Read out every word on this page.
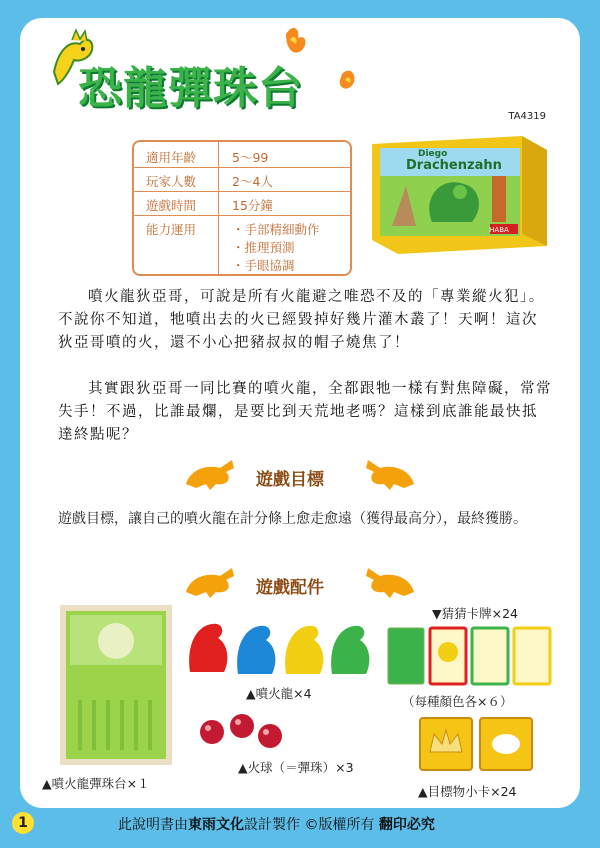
恐龍彈珠台
TA4319
適用年齡	5〜99
玩家人數	2〜4人
遊戲時間	15分鐘
能力運用	・手部精細動作
・推理預測
・手眼協調
HABA
Diego
Drachenzahn

噴火龍狄亞哥，可說是所有火龍避之唯恐不及的「專業縱火犯」。不說你不知道，牠噴出去的火已經毀掉好幾片灌木叢了！天啊！這次狄亞哥噴的火，還不小心把豬叔叔的帽子燒焦了！

其實跟狄亞哥一同比賽的噴火龍，全都跟牠一樣有對焦障礙，常常失手！不過，比誰最爛，是要比到天荒地老嗎？這樣到底誰能最快抵達終點呢？

遊戲目標
遊戲目標，讓自己的噴火龍在計分條上愈走愈遠（獲得最高分），最終獲勝。
遊戲配件
▲噴火龍彈珠台×１
▲噴火龍×4
▲火球（＝彈珠）×3
▼猜猜卡牌×24
（每種顏色各×６）
▲目標物小卡×24
1	此說明書由東雨文化設計製作 ©版權所有 翻印必究
